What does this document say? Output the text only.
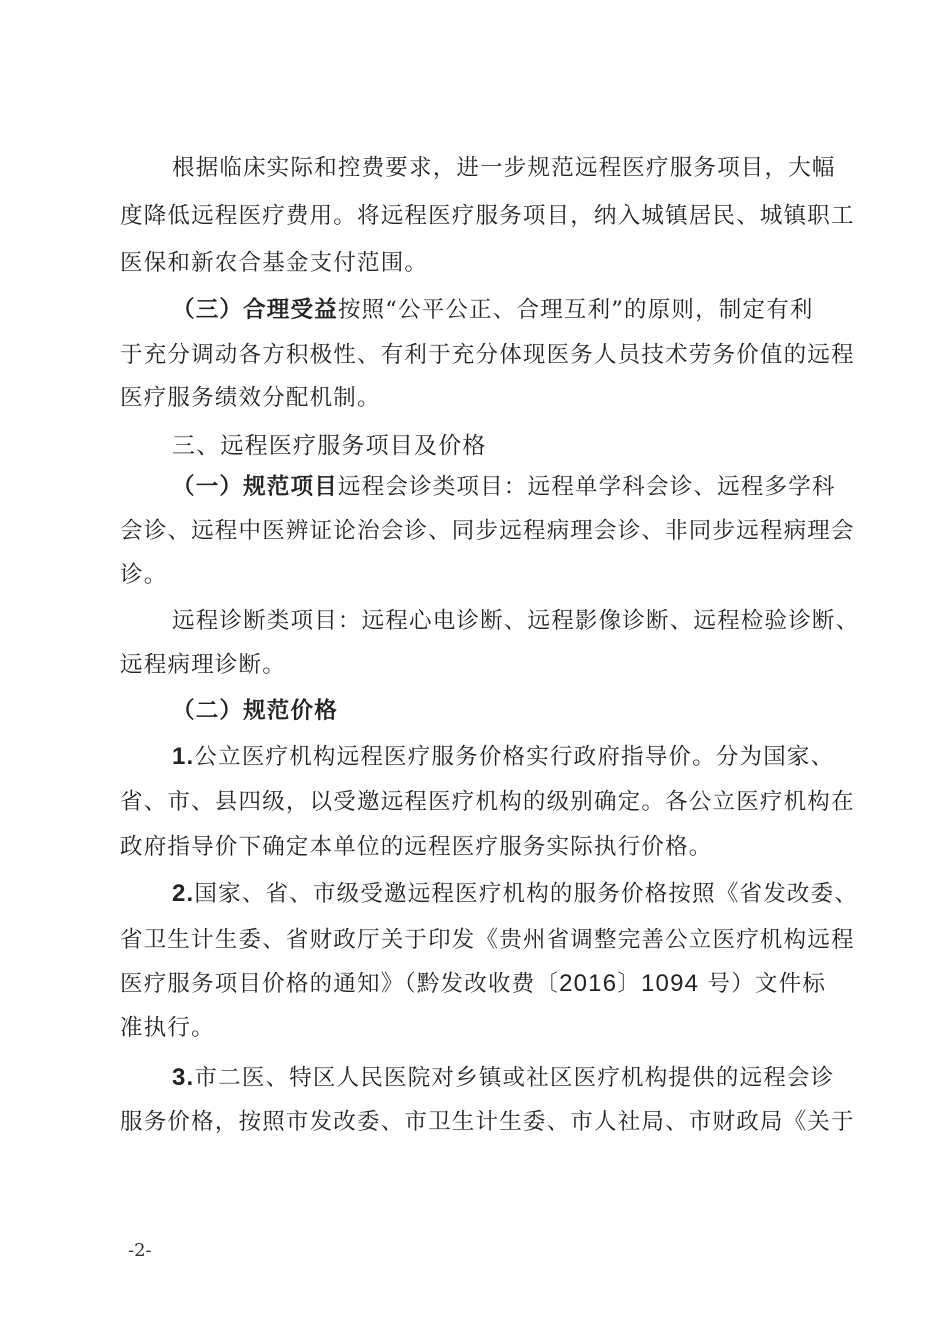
根据临床实际和控费要求，进一步规范远程医疗服务项目，大幅
度降低远程医疗费用。将远程医疗服务项目，纳入城镇居民、城镇职工
医保和新农合基金支付范围。
（三）合理受益按照“公平公正、合理互利”的原则，制定有利
于充分调动各方积极性、有利于充分体现医务人员技术劳务价值的远程
医疗服务绩效分配机制。
三、远程医疗服务项目及价格
（一）规范项目远程会诊类项目：远程单学科会诊、远程多学科
会诊、远程中医辨证论治会诊、同步远程病理会诊、非同步远程病理会
诊。
远程诊断类项目：远程心电诊断、远程影像诊断、远程检验诊断、
远程病理诊断。
（二）规范价格
1.公立医疗机构远程医疗服务价格实行政府指导价。分为国家、
省、市、县四级，以受邀远程医疗机构的级别确定。各公立医疗机构在
政府指导价下确定本单位的远程医疗服务实际执行价格。
2.国家、省、市级受邀远程医疗机构的服务价格按照《省发改委、
省卫生计生委、省财政厅关于印发《贵州省调整完善公立医疗机构远程
医疗服务项目价格的通知》（黔发改收费〔2016〕1094 号）文件标
准执行。
3.市二医、特区人民医院对乡镇或社区医疗机构提供的远程会诊
服务价格，按照市发改委、市卫生计生委、市人社局、市财政局《关于
-2-
